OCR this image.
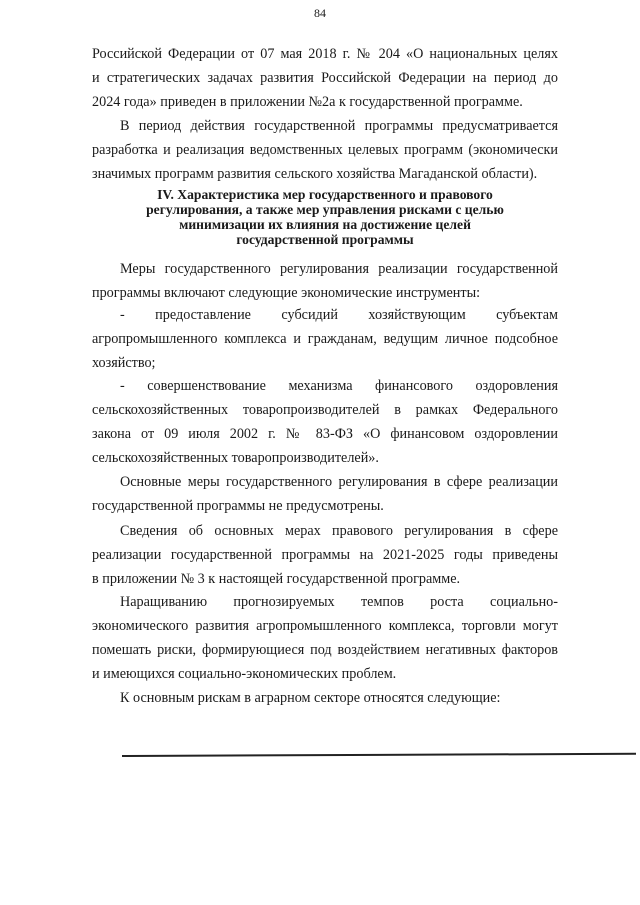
84
Российской Федерации от 07 мая 2018 г. № 204 «О национальных целях
и стратегических задачах развития Российской Федерации на период до
2024 года» приведен в приложении №2а к государственной программе.
В период действия государственной программы предусматривается
разработка и реализация ведомственных целевых программ (экономически
значимых программ развития сельского хозяйства Магаданской области).
IV. Характеристика мер государственного и правового
регулирования, а также мер управления рисками с целью
минимизации их влияния на достижение целей
государственной программы
Меры государственного регулирования реализации государственной
программы включают следующие экономические инструменты:
- предоставление субсидий хозяйствующим субъектам
агропромышленного комплекса и гражданам, ведущим личное подсобное
хозяйство;
- совершенствование механизма финансового оздоровления
сельскохозяйственных товаропроизводителей в рамках Федерального
закона от 09 июля 2002 г. № 83-ФЗ «О финансовом оздоровлении
сельскохозяйственных товаропроизводителей».
Основные меры государственного регулирования в сфере реализации
государственной программы не предусмотрены.
Сведения об основных мерах правового регулирования в сфере
реализации государственной программы на 2021-2025 годы приведены
в приложении № 3 к настоящей государственной программе.
Наращиванию прогнозируемых темпов роста социально-
экономического развития агропромышленного комплекса, торговли могут
помешать риски, формирующиеся под воздействием негативных факторов
и имеющихся социально-экономических проблем.
К основным рискам в аграрном секторе относятся следующие:
